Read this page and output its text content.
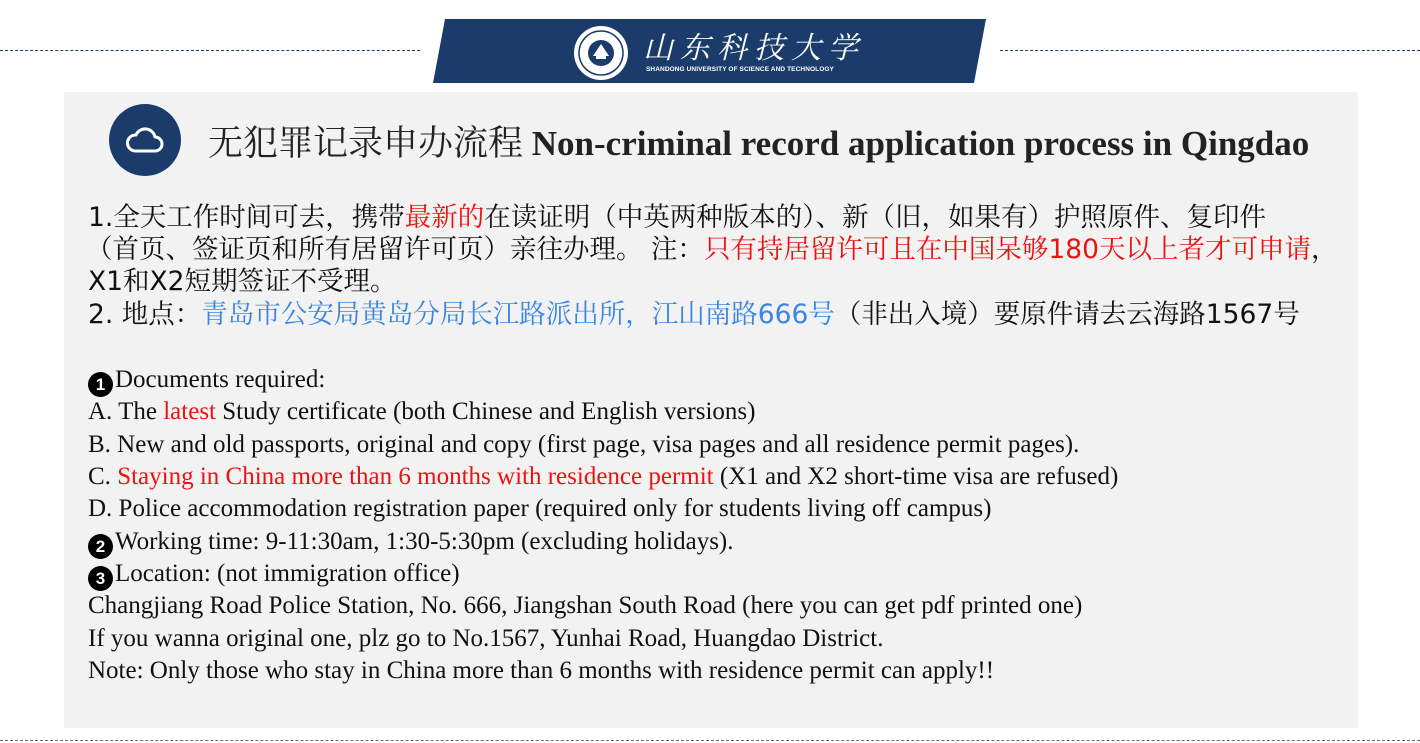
山东科技大学
SHANDONG UNIVERSITY OF SCIENCE AND TECHNOLOGY
无犯罪记录申办流程 Non-criminal record application process in Qingdao
1.全天工作时间可去，携带最新的在读证明（中英两种版本的）、新（旧，如果有）护照原件、复印件
（首页、签证页和所有居留许可页）亲往办理。 注：只有持居留许可且在中国呆够180天以上者才可申请，
X1和X2短期签证不受理。
2. 地点：青岛市公安局黄岛分局长江路派出所，江山南路666号（非出入境）要原件请去云海路1567号
1 Documents required:
A. The latest Study certificate (both Chinese and English versions)
B. New and old passports, original and copy (first page, visa pages and all residence permit pages).
C. Staying in China more than 6 months with residence permit (X1 and X2 short-time visa are refused)
D. Police accommodation registration paper (required only for students living off campus)
2 Working time: 9-11:30am, 1:30-5:30pm (excluding holidays).
3 Location: (not immigration office)
Changjiang Road Police Station, No. 666, Jiangshan South Road (here you can get pdf printed one)
If you wanna original one, plz go to No.1567, Yunhai Road, Huangdao District.
Note: Only those who stay in China more than 6 months with residence permit can apply!!
